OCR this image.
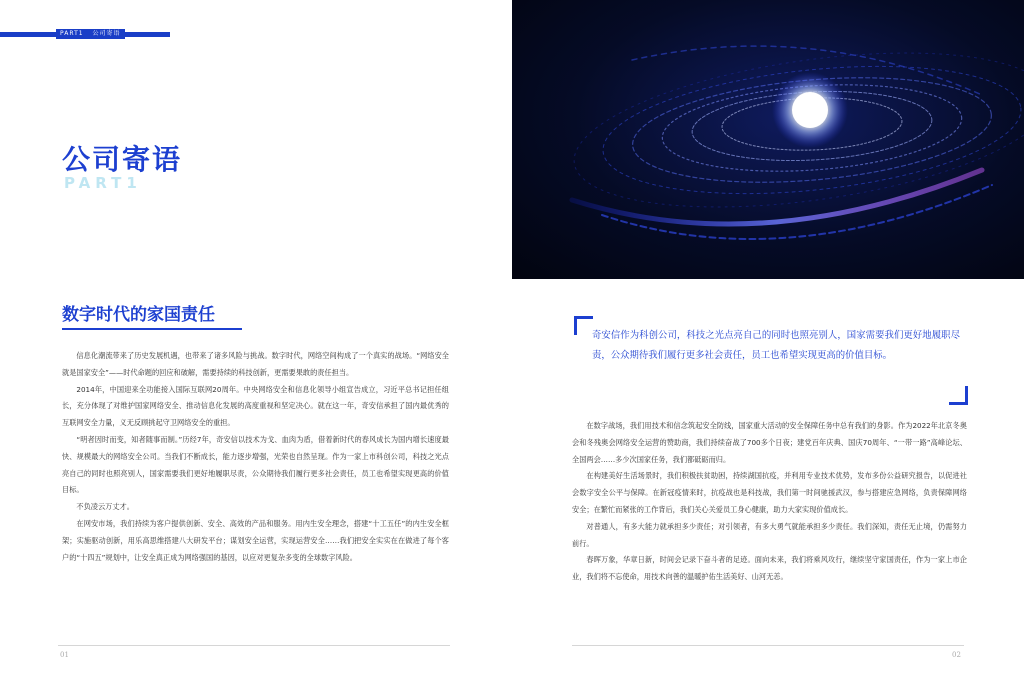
PART1 公司寄语
公司寄语
PART1
数字时代的家国责任

信息化潮流带来了历史发展机遇，也带来了诸多风险与挑战。数字时代，网络空间构成了一个真实的战场。“网络安全就是国家安全”——时代命题的回应和破解，需要持续的科技创新，更需要果敢的责任担当。

2014年，中国迎来全功能接入国际互联网20周年。中央网络安全和信息化领导小组宣告成立，习近平总书记担任组长，充分体现了对维护国家网络安全、推动信息化发展的高度重视和坚定决心。就在这一年，奇安信承担了国内最优秀的互联网安全力量，义无反顾挑起守卫网络安全的重担。

“明者因时而变，知者随事而制。”历经7年，奇安信以技术为戈、血肉为盾，借着新时代的春风成长为国内增长速度最快、规模最大的网络安全公司。当我们不断成长，能力逐步增强，光荣也自然呈现。作为一家上市科创公司，科技之光点亮自己的同时也照亮别人，国家需要我们更好地履职尽责，公众期待我们履行更多社会责任，员工也希望实现更高的价值目标。

不负凌云万丈才。

在网安市场，我们持续为客户提供创新、安全、高效的产品和服务。用内生安全理念，搭建“十工五任”的内生安全框架；实施驱动创新，用乐高思维搭建八大研发平台；谋划安全运营，实现运营安全……我们把安全实实在在做进了每个客户的“十四五”规划中，让安全真正成为网络强国的基因，以应对更复杂多变的全球数字风险。

01

奇安信作为科创公司，科技之光点亮自己的同时也照亮别人，国家需要我们更好地履职尽责，公众期待我们履行更多社会责任，员工也希望实现更高的价值目标。

在数字战场，我们用技术和信念筑起安全防线，国家重大活动的安全保障任务中总有我们的身影。作为2022年北京冬奥会和冬残奥会网络安全运营的赞助商，我们持续奋战了700多个日夜；建党百年庆典、国庆70周年、“一带一路”高峰论坛、全国两会……多少次国家任务，我们都砥砺而归。

在构建美好生活场景时，我们积极扶贫助困，持续湖国抗疫，并利用专业技术优势，发布多份公益研究报告，以促进社会数字安全公平与保障。在新冠疫情来时，抗疫战也是科技战，我们第一时间驰援武汉，参与搭建应急网络，负责保障网络安全；在繁忙而紧张的工作背后，我们关心关爱员工身心健康，助力大家实现价值成长。

对普通人，有多大能力就承担多少责任；对引领者，有多大勇气就能承担多少责任。我们深知，责任无止境，仍需努力前行。

春晖万象，华章日新，时间会记录下奋斗者的足迹。面向未来，我们将乘风攻行，继续坚守家国责任，作为一家上市企业，我们将不忘使命，用技术向善的温暖护佑生活美好、山河无恙。

02
